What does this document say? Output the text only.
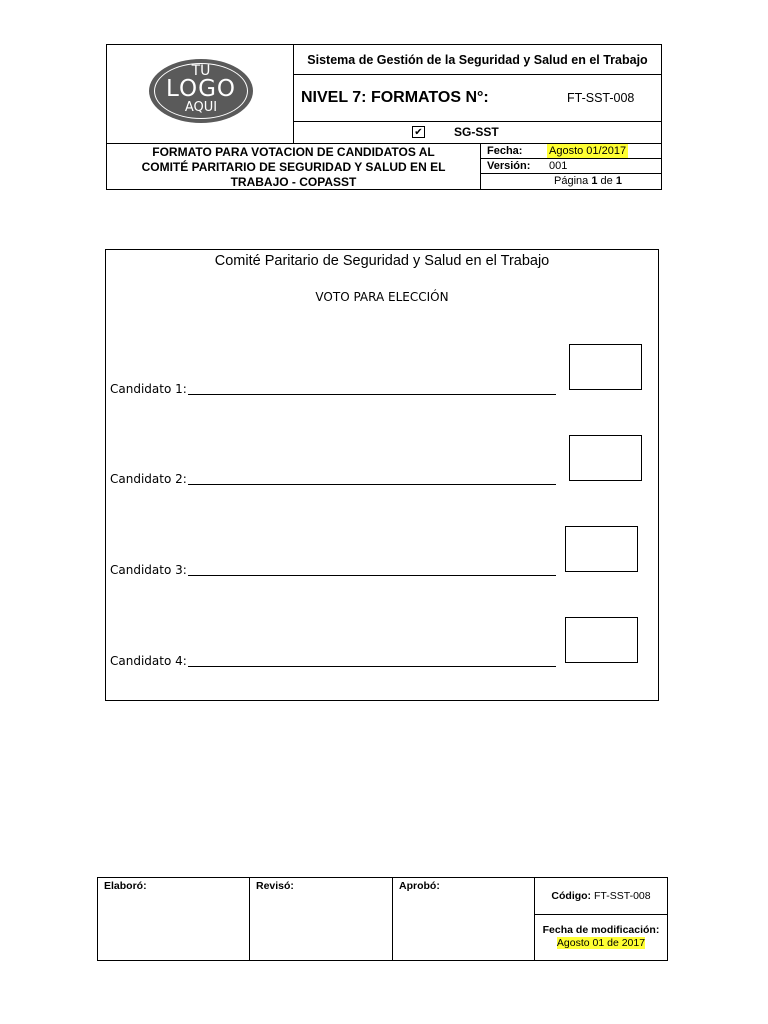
TU
LOGO
AQUI
Sistema de Gestión de la Seguridad y Salud en el Trabajo
NIVEL 7: FORMATOS N°:	FT-SST-008
✔	SG-SST
FORMATO PARA VOTACION DE CANDIDATOS AL
COMITÉ PARITARIO DE SEGURIDAD Y SALUD EN EL
TRABAJO - COPASST
Fecha: Agosto 01/2017
Versión: 001
Página 1 de 1
Comité Paritario de Seguridad y Salud en el Trabajo
VOTO PARA ELECCIÓN
Candidato 1:
Candidato 2:
Candidato 3:
Candidato 4:
Elaboró:	Revisó:	Aprobó:
Código: FT-SST-008
Fecha de modificación:
Agosto 01 de 2017
